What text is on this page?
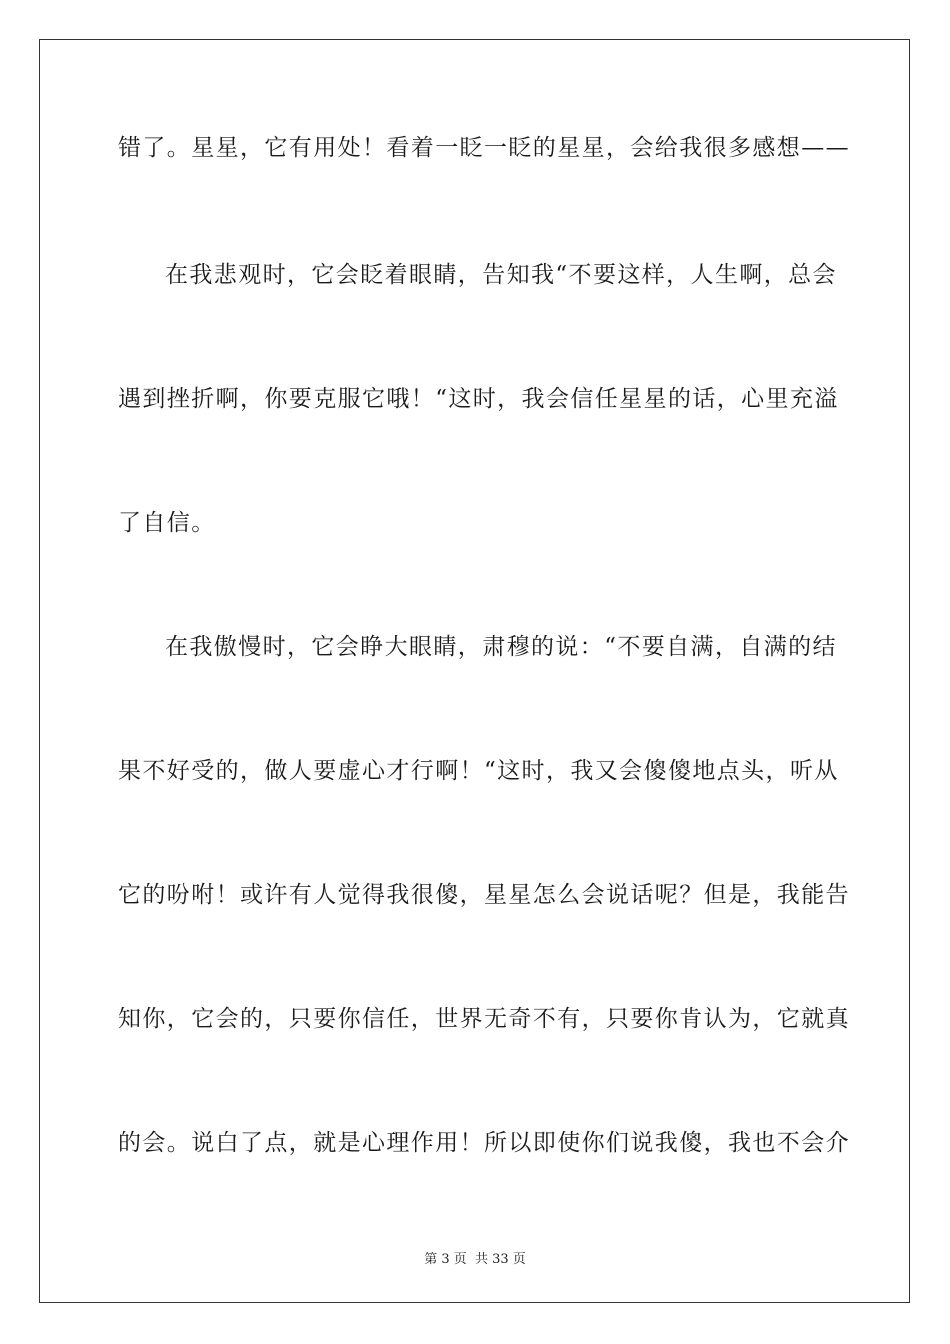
错了。星星，它有用处！看着一眨一眨的星星，会给我很多感想——
在我悲观时，它会眨着眼睛，告知我“不要这样，人生啊，总会
遇到挫折啊，你要克服它哦！“这时，我会信任星星的话，心里充溢
了自信。
在我傲慢时，它会睁大眼睛，肃穆的说：“不要自满，自满的结
果不好受的，做人要虚心才行啊！“这时，我又会傻傻地点头，听从
它的吩咐！或许有人觉得我很傻，星星怎么会说话呢？但是，我能告
知你，它会的，只要你信任，世界无奇不有，只要你肯认为，它就真
的会。说白了点，就是心理作用！所以即使你们说我傻，我也不会介
第 3 页 共 33 页
